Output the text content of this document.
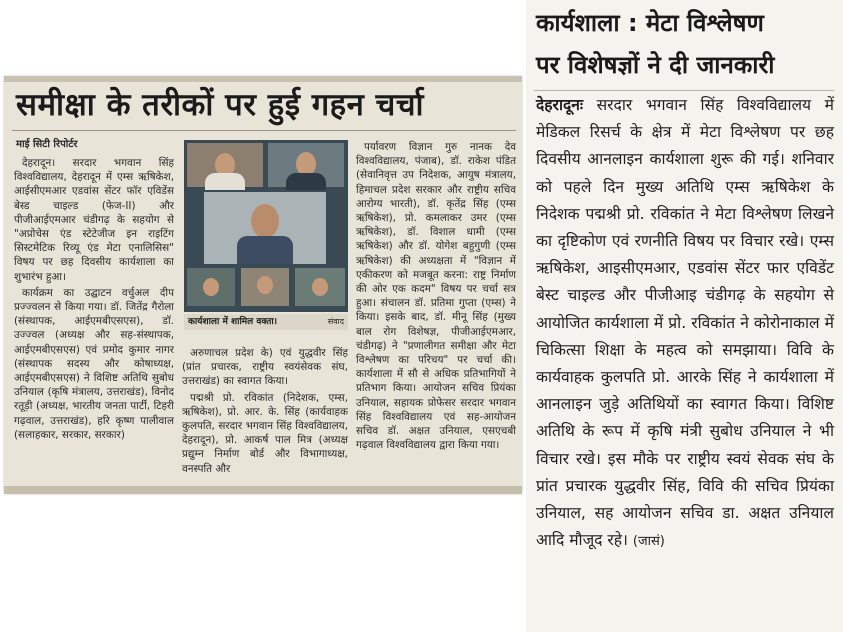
समीक्षा के तरीकों पर हुई गहन चर्चा
माई सिटी रिपोर्टर

देहरादून। सरदार भगवान सिंह विश्वविद्यालय, देहरादून में एम्स ऋषिकेश, आईसीएमआर एडवांस सेंटर फॉर एविडेंस बेस्ड चाइल्ड (फेज-II) और पीजीआईएमआर चंडीगढ़ के सहयोग से "अप्रोचेस एंड स्टेटेजीज इन राइटिंग सिस्टमेटिक रिव्यू एंड मेटा एनालिसिस" विषय पर छह दिवसीय कार्यशाला का शुभारंभ हुआ।

कार्यक्रम का उद्घाटन वर्चुअल दीप प्रज्ज्वलन से किया गया। डॉ. जितेंद्र गैरोला (संस्थापक, आईएमबीएसएस), डॉ. उज्ज्वल (अध्यक्ष और सह-संस्थापक, आईएमबीएसएस) एवं प्रमोद कुमार नागर (संस्थापक सदस्य और कोषाध्यक्ष, आईएमबीएसएस) ने विशिष्ट अतिथि सुबोध उनियाल (कृषि मंत्रालय, उत्तराखंड), विनोद रतूड़ी (अध्यक्ष, भारतीय जनता पार्टी, टिहरी गढ़वाल, उत्तराखंड), हरि कृष्ण पालीवाल (सलाहकार, सरकार, सरकार)

कार्यशाला में शामिल वक्ता।	संवाद

अरुणाचल प्रदेश के) एवं युद्धवीर सिंह (प्रांत प्रचारक, राष्ट्रीय स्वयंसेवक संघ, उत्तराखंड) का स्वागत किया।

पद्मश्री प्रो. रविकांत (निदेशक, एम्स, ऋषिकेश), प्रो. आर. के. सिंह (कार्यवाहक कुलपति, सरदार भगवान सिंह विश्वविद्यालय, देहरादून), प्रो. आकर्ष पाल मित्र (अध्यक्ष प्रद्युम्न निर्माण बोर्ड और विभागाध्यक्ष, वनस्पति और

पर्यावरण विज्ञान गुरु नानक देव विश्वविद्यालय, पंजाब), डॉ. राकेश पंडित (सेवानिवृत्त उप निदेशक, आयुष मंत्रालय, हिमाचल प्रदेश सरकार और राष्ट्रीय सचिव आरोग्य भारती), डॉ. कृतेंद्र सिंह (एम्स ऋषिकेश), प्रो. कमलाकर उमर (एम्स ऋषिकेश), डॉ. विशाल धामी (एम्स ऋषिकेश) और डॉ. योगेश बहुगुणी (एम्स ऋषिकेश) की अध्यक्षता में "विज्ञान में एकीकरण को मजबूत करना: राष्ट्र निर्माण की ओर एक कदम" विषय पर चर्चा सत्र हुआ। संचालन डॉ. प्रतिमा गुप्ता (एम्स) ने किया। इसके बाद, डॉ. मीनू सिंह (मुख्य बाल रोग विशेषज्ञ, पीजीआईएमआर, चंडीगढ़) ने "प्रणालीगत समीक्षा और मेटा विश्लेषण का परिचय" पर चर्चा की। कार्यशाला में सौ से अधिक प्रतिभागियों ने प्रतिभाग किया। आयोजन सचिव प्रियंका उनियाल, सहायक प्रोफेसर सरदार भगवान सिंह विश्वविद्यालय एवं सह-आयोजन सचिव डॉ. अक्षत उनियाल, एसएचबी गढ़वाल विश्वविद्यालय द्वारा किया गया।

कार्यशाला : मेटा विश्लेषण
पर विशेषज्ञों ने दी जानकारी

देहरादूनः सरदार भगवान सिंह विश्वविद्यालय में मेडिकल रिसर्च के क्षेत्र में मेटा विश्लेषण पर छह दिवसीय आनलाइन कार्यशाला शुरू की गई। शनिवार को पहले दिन मुख्य अतिथि एम्स ऋषिकेश के निदेशक पद्मश्री प्रो. रविकांत ने मेटा विश्लेषण लिखने का दृष्टिकोण एवं रणनीति विषय पर विचार रखे। एम्स ऋषिकेश, आइसीएमआर, एडवांस सेंटर फार एविडेंट बेस्ट चाइल्ड और पीजीआइ चंडीगढ़ के सहयोग से आयोजित कार्यशाला में प्रो. रविकांत ने कोरोनाकाल में चिकित्सा शिक्षा के महत्व को समझाया। विवि के कार्यवाहक कुलपति प्रो. आरके सिंह ने कार्यशाला में आनलाइन जुड़े अतिथियों का स्वागत किया। विशिष्ट अतिथि के रूप में कृषि मंत्री सुबोध उनियाल ने भी विचार रखे। इस मौके पर राष्ट्रीय स्वयं सेवक संघ के प्रांत प्रचारक युद्धवीर सिंह, विवि की सचिव प्रियंका उनियाल, सह आयोजन सचिव डा. अक्षत उनियाल आदि मौजूद रहे। (जासं)
